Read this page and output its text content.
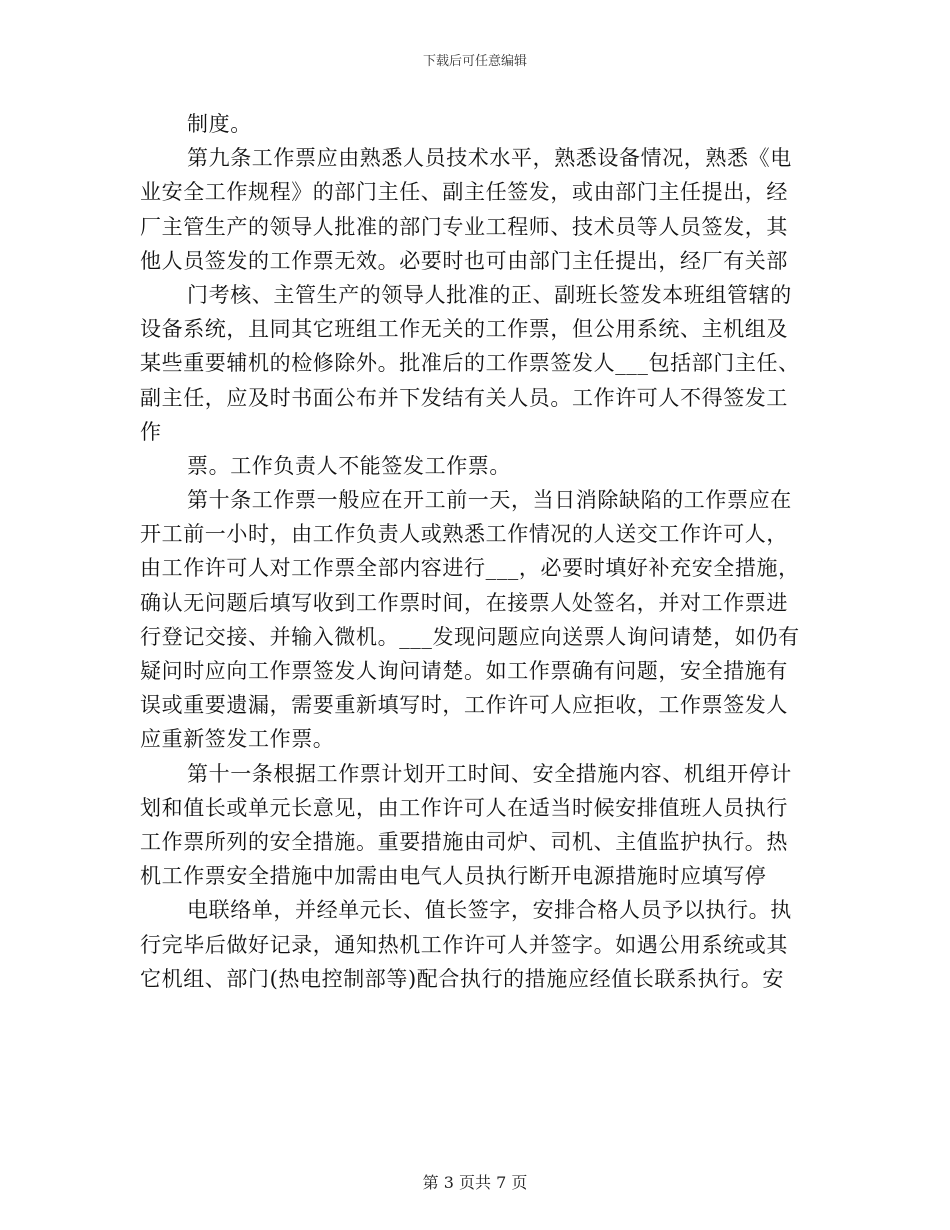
下载后可任意编辑
制度。
第九条工作票应由熟悉人员技术水平，熟悉设备情况，熟悉《电
业安全工作规程》的部门主任、副主任签发，或由部门主任提出，经
厂主管生产的领导人批准的部门专业工程师、技术员等人员签发，其
他人员签发的工作票无效。必要时也可由部门主任提出，经厂有关部
门考核、主管生产的领导人批准的正、副班长签发本班组管辖的
设备系统，且同其它班组工作无关的工作票，但公用系统、主机组及
某些重要辅机的检修除外。批准后的工作票签发人___包括部门主任、
副主任，应及时书面公布并下发结有关人员。工作许可人不得签发工
作
票。工作负责人不能签发工作票。
第十条工作票一般应在开工前一天，当日消除缺陷的工作票应在
开工前一小时，由工作负责人或熟悉工作情况的人送交工作许可人，
由工作许可人对工作票全部内容进行___，必要时填好补充安全措施，
确认无问题后填写收到工作票时间，在接票人处签名，并对工作票进
行登记交接、并输入微机。___发现问题应向送票人询问请楚，如仍有
疑问时应向工作票签发人询问请楚。如工作票确有问题，安全措施有
误或重要遗漏，需要重新填写时，工作许可人应拒收，工作票签发人
应重新签发工作票。
第十一条根据工作票计划开工时间、安全措施内容、机组开停计
划和值长或单元长意见，由工作许可人在适当时候安排值班人员执行
工作票所列的安全措施。重要措施由司炉、司机、主值监护执行。热
机工作票安全措施中加需由电气人员执行断开电源措施时应填写停
电联络单，并经单元长、值长签字，安排合格人员予以执行。执
行完毕后做好记录，通知热机工作许可人并签字。如遇公用系统或其
它机组、部门(热电控制部等)配合执行的措施应经值长联系执行。安
第 3 页共 7 页
